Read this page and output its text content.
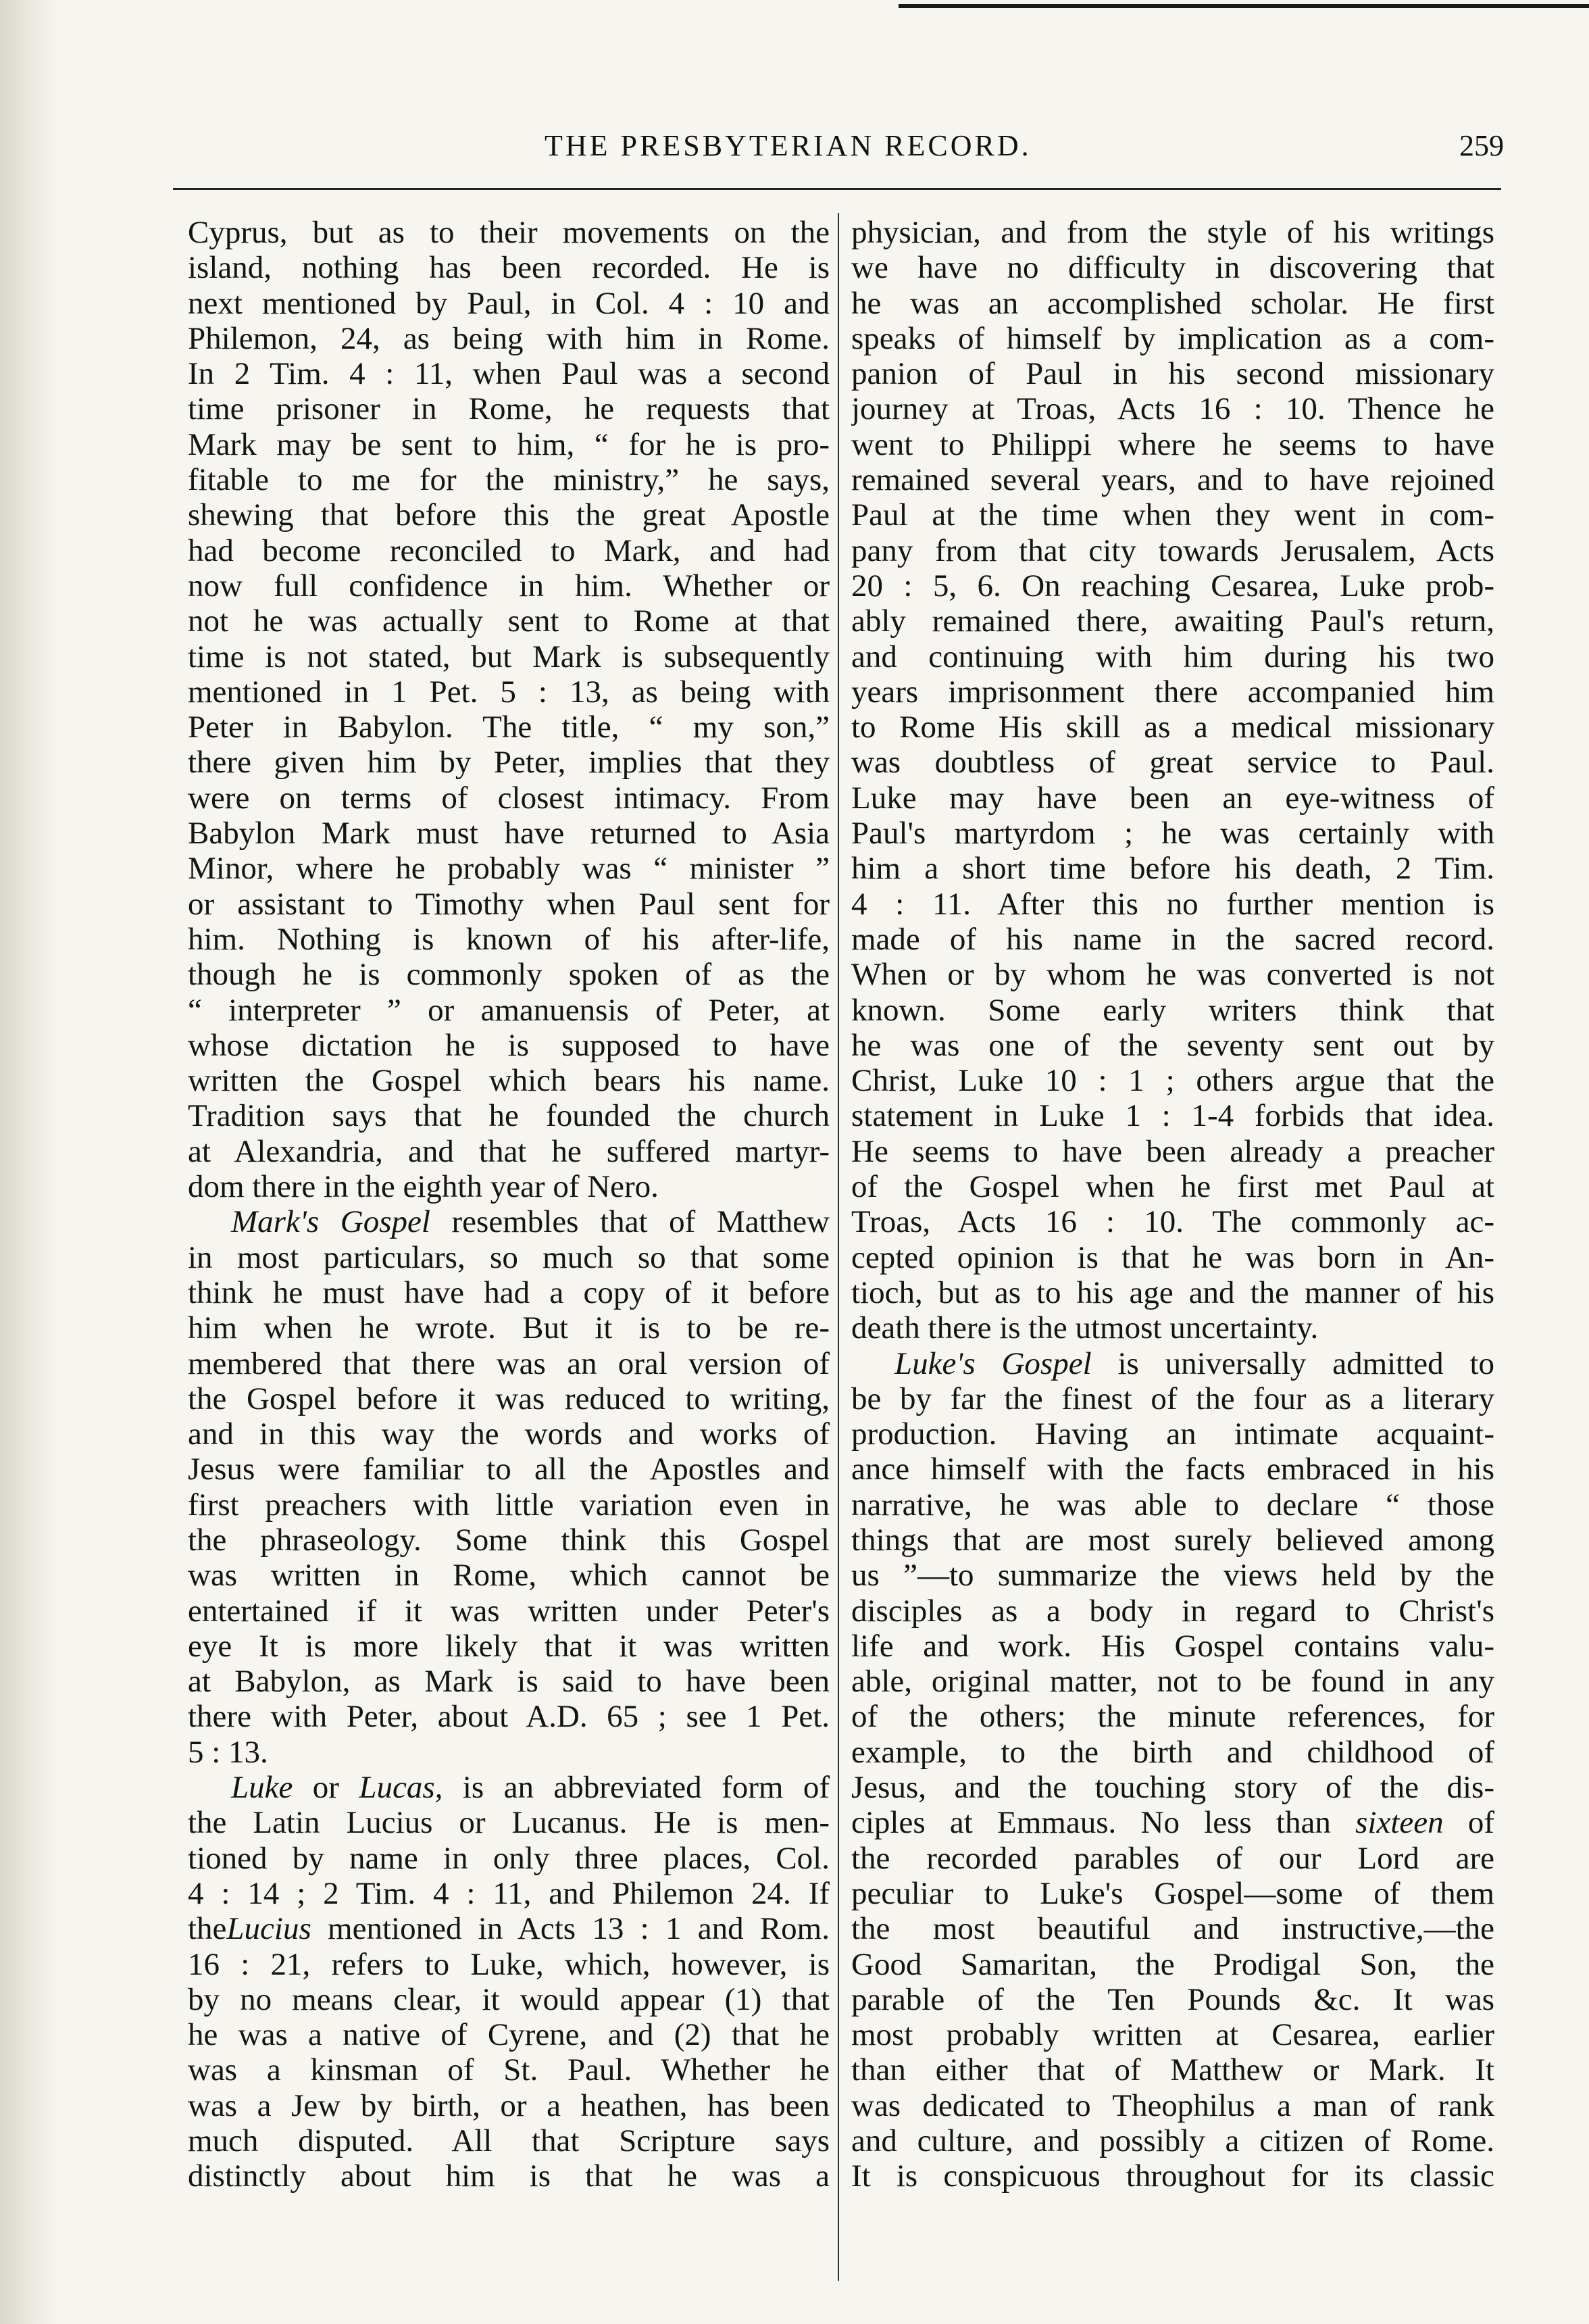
THE PRESBYTERIAN RECORD.	259
Cyprus, but as to their movements on the
island, nothing has been recorded. He is
next mentioned by Paul, in Col. 4 : 10 and
Philemon, 24, as being with him in Rome.
In 2 Tim. 4 : 11, when Paul was a second
time prisoner in Rome, he requests that
Mark may be sent to him, “ for he is pro-
fitable to me for the ministry,” he says,
shewing that before this the great Apostle
had become reconciled to Mark, and had
now full confidence in him. Whether or
not he was actually sent to Rome at that
time is not stated, but Mark is subsequently
mentioned in 1 Pet. 5 : 13, as being with
Peter in Babylon. The title, “ my son,”
there given him by Peter, implies that they
were on terms of closest intimacy. From
Babylon Mark must have returned to Asia
Minor, where he probably was “ minister ”
or assistant to Timothy when Paul sent for
him. Nothing is known of his after-life,
though he is commonly spoken of as the
“ interpreter ” or amanuensis of Peter, at
whose dictation he is supposed to have
written the Gospel which bears his name.
Tradition says that he founded the church
at Alexandria, and that he suffered martyr-
dom there in the eighth year of Nero.
Mark's Gospel resembles that of Matthew
in most particulars, so much so that some
think he must have had a copy of it before
him when he wrote. But it is to be re-
membered that there was an oral version of
the Gospel before it was reduced to writing,
and in this way the words and works of
Jesus were familiar to all the Apostles and
first preachers with little variation even in
the phraseology. Some think this Gospel
was written in Rome, which cannot be
entertained if it was written under Peter's
eye It is more likely that it was written
at Babylon, as Mark is said to have been
there with Peter, about A.D. 65 ; see 1 Pet.
5 : 13.
Luke or Lucas, is an abbreviated form of
the Latin Lucius or Lucanus. He is men-
tioned by name in only three places, Col.
4 : 14 ; 2 Tim. 4 : 11, and Philemon 24. If
theLucius mentioned in Acts 13 : 1 and Rom.
16 : 21, refers to Luke, which, however, is
by no means clear, it would appear (1) that
he was a native of Cyrene, and (2) that he
was a kinsman of St. Paul. Whether he
was a Jew by birth, or a heathen, has been
much disputed. All that Scripture says
distinctly about him is that he was a
physician, and from the style of his writings
we have no difficulty in discovering that
he was an accomplished scholar. He first
speaks of himself by implication as a com-
panion of Paul in his second missionary
journey at Troas, Acts 16 : 10. Thence he
went to Philippi where he seems to have
remained several years, and to have rejoined
Paul at the time when they went in com-
pany from that city towards Jerusalem, Acts
20 : 5, 6. On reaching Cesarea, Luke prob-
ably remained there, awaiting Paul's return,
and continuing with him during his two
years imprisonment there accompanied him
to Rome His skill as a medical missionary
was doubtless of great service to Paul.
Luke may have been an eye-witness of
Paul's martyrdom ; he was certainly with
him a short time before his death, 2 Tim.
4 : 11. After this no further mention is
made of his name in the sacred record.
When or by whom he was converted is not
known. Some early writers think that
he was one of the seventy sent out by
Christ, Luke 10 : 1 ; others argue that the
statement in Luke 1 : 1-4 forbids that idea.
He seems to have been already a preacher
of the Gospel when he first met Paul at
Troas, Acts 16 : 10. The commonly ac-
cepted opinion is that he was born in An-
tioch, but as to his age and the manner of his
death there is the utmost uncertainty.
Luke's Gospel is universally admitted to
be by far the finest of the four as a literary
production. Having an intimate acquaint-
ance himself with the facts embraced in his
narrative, he was able to declare “ those
things that are most surely believed among
us ”—to summarize the views held by the
disciples as a body in regard to Christ's
life and work. His Gospel contains valu-
able, original matter, not to be found in any
of the others; the minute references, for
example, to the birth and childhood of
Jesus, and the touching story of the dis-
ciples at Emmaus. No less than sixteen of
the recorded parables of our Lord are
peculiar to Luke's Gospel—some of them
the most beautiful and instructive,—the
Good Samaritan, the Prodigal Son, the
parable of the Ten Pounds &c. It was
most probably written at Cesarea, earlier
than either that of Matthew or Mark. It
was dedicated to Theophilus a man of rank
and culture, and possibly a citizen of Rome.
It is conspicuous throughout for its classic
